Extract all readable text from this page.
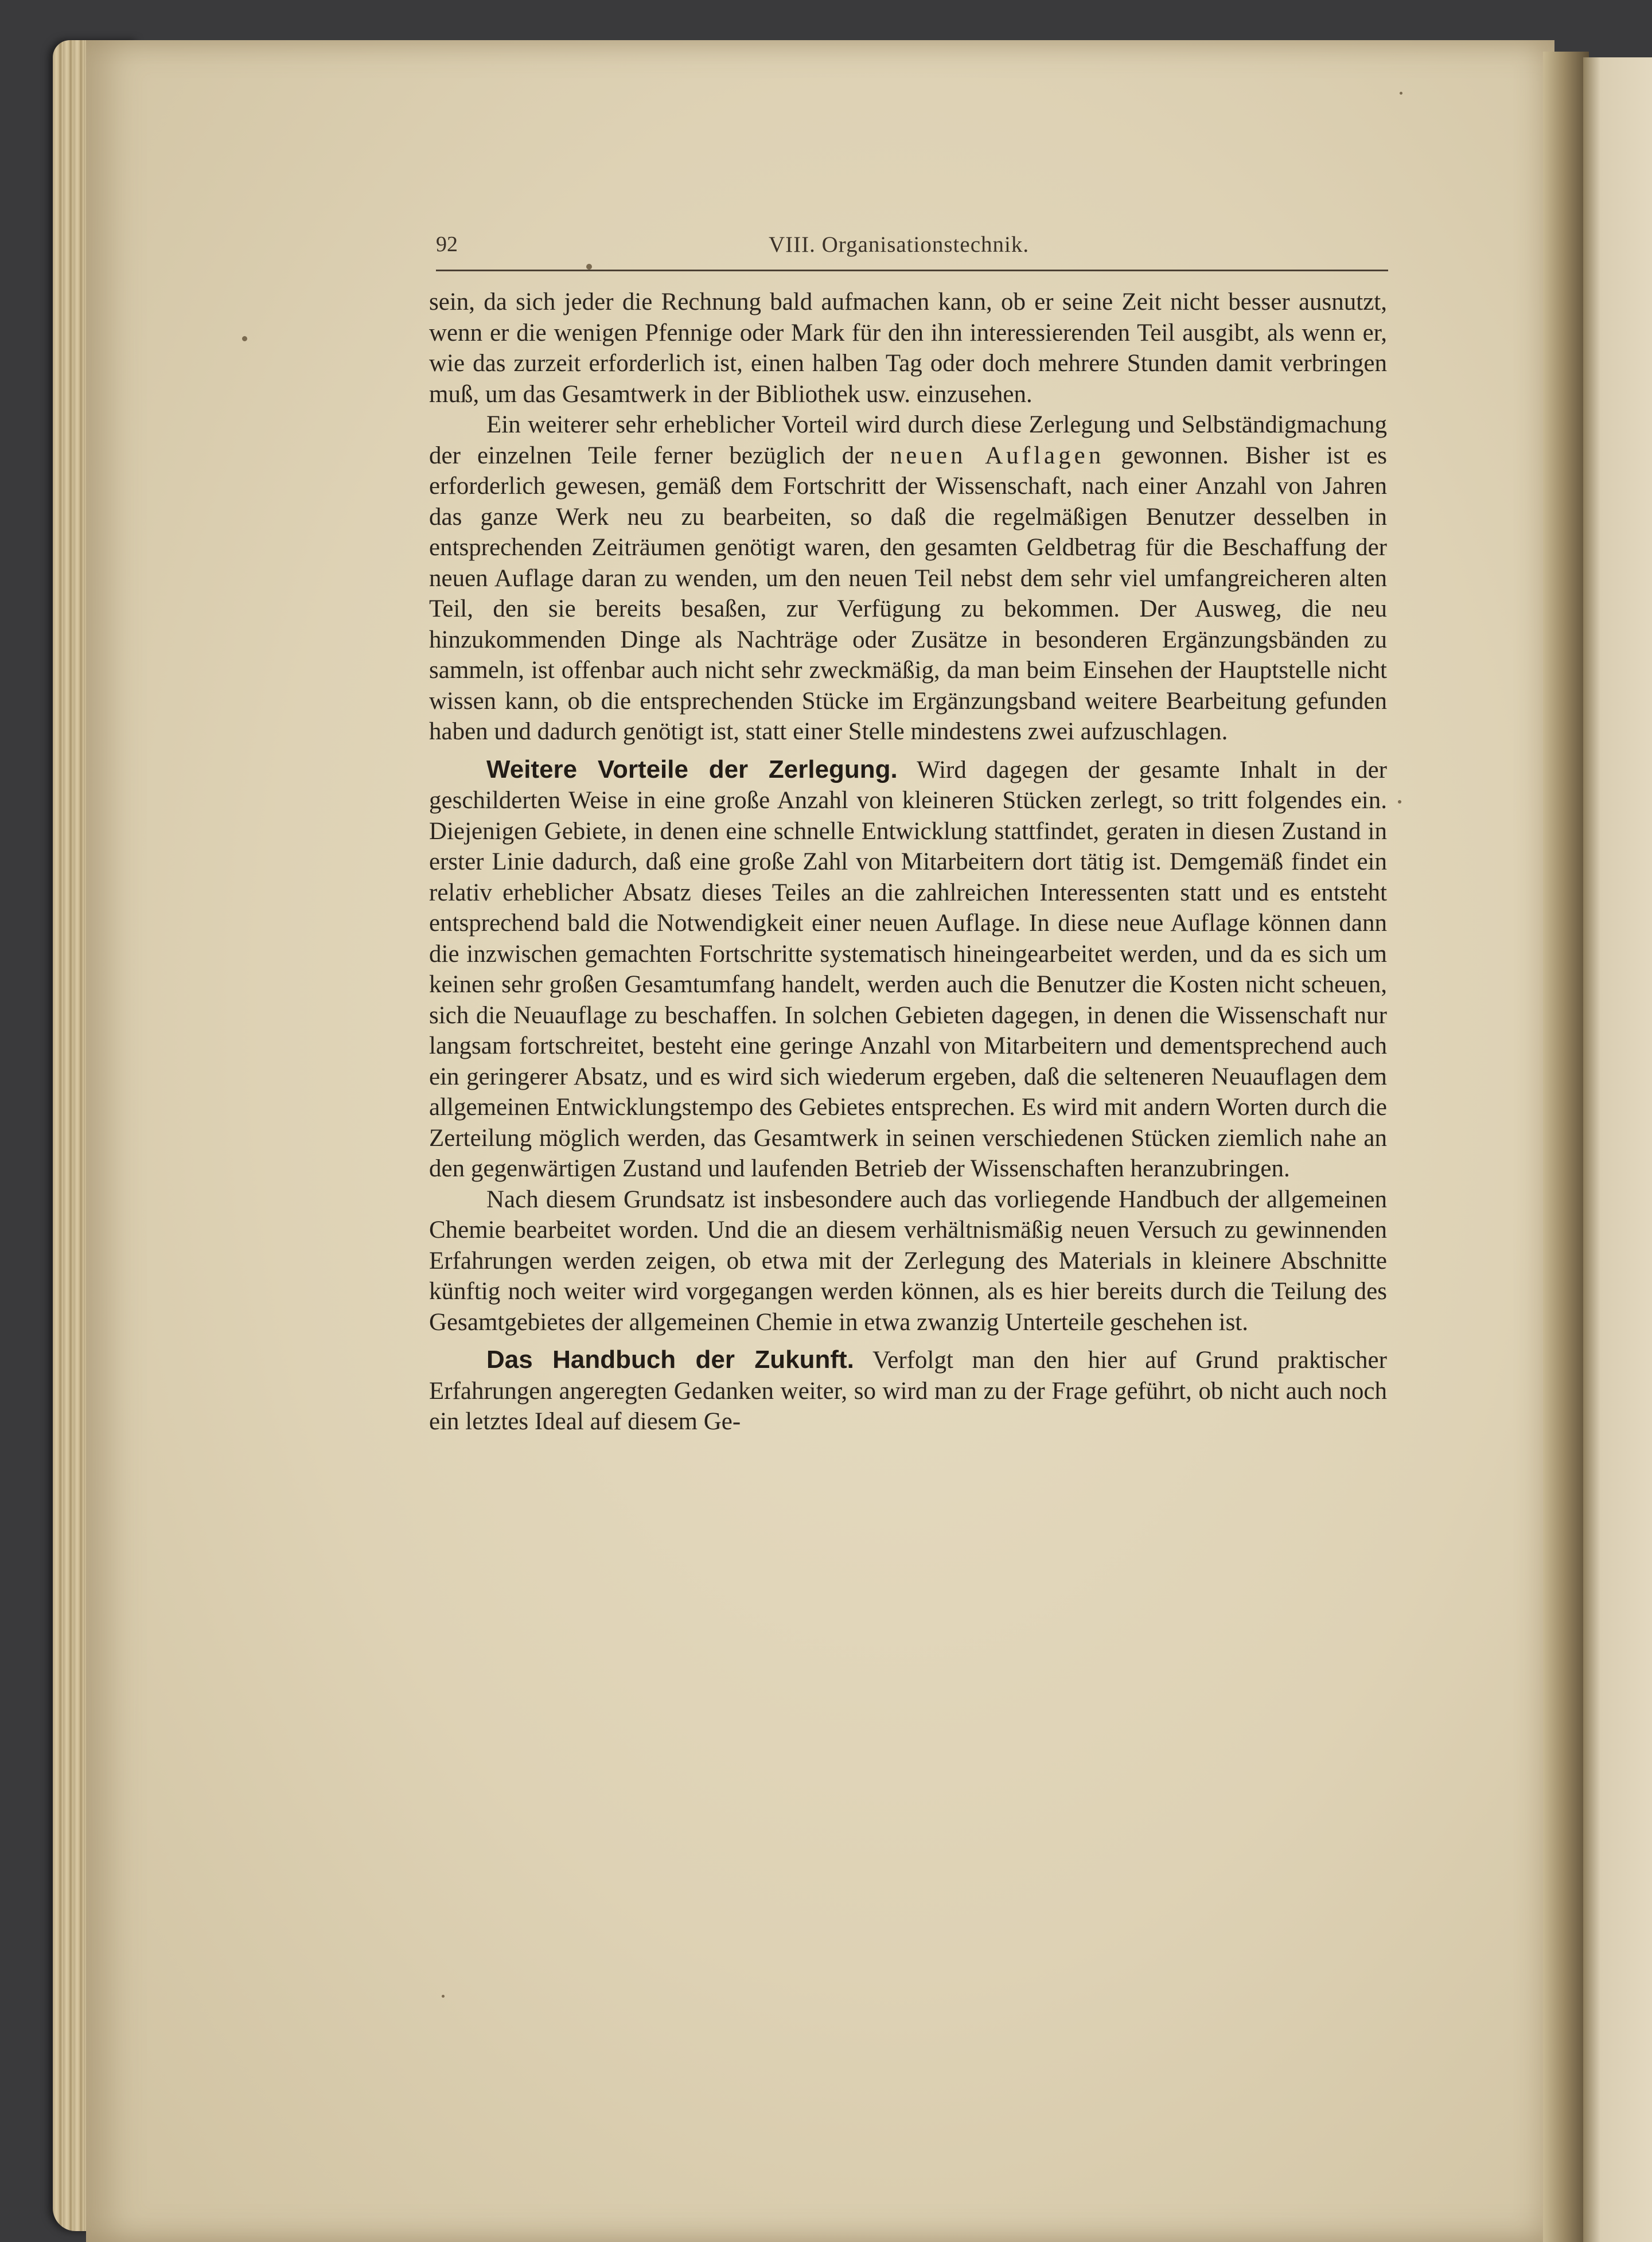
92	VIII. Organisationstechnik.

sein, da sich jeder die Rechnung bald aufmachen kann, ob er seine Zeit nicht besser ausnutzt, wenn er die wenigen Pfennige oder Mark für den ihn interessierenden Teil ausgibt, als wenn er, wie das zurzeit erforderlich ist, einen halben Tag oder doch mehrere Stunden damit verbringen muß, um das Gesamtwerk in der Bibliothek usw. einzusehen.

Ein weiterer sehr erheblicher Vorteil wird durch diese Zerlegung und Selbständigmachung der einzelnen Teile ferner bezüglich der neuen Auflagen gewonnen. Bisher ist es erforderlich gewesen, gemäß dem Fortschritt der Wissenschaft, nach einer Anzahl von Jahren das ganze Werk neu zu bearbeiten, so daß die regelmäßigen Benutzer desselben in entsprechenden Zeiträumen genötigt waren, den gesamten Geldbetrag für die Beschaffung der neuen Auflage daran zu wenden, um den neuen Teil nebst dem sehr viel umfangreicheren alten Teil, den sie bereits besaßen, zur Verfügung zu bekommen. Der Ausweg, die neu hinzukommenden Dinge als Nachträge oder Zusätze in besonderen Ergänzungsbänden zu sammeln, ist offenbar auch nicht sehr zweckmäßig, da man beim Einsehen der Hauptstelle nicht wissen kann, ob die entsprechenden Stücke im Ergänzungsband weitere Bearbeitung gefunden haben und dadurch genötigt ist, statt einer Stelle mindestens zwei aufzuschlagen.

Weitere Vorteile der Zerlegung. Wird dagegen der gesamte Inhalt in der geschilderten Weise in eine große Anzahl von kleineren Stücken zerlegt, so tritt folgendes ein. Diejenigen Gebiete, in denen eine schnelle Entwicklung stattfindet, geraten in diesen Zustand in erster Linie dadurch, daß eine große Zahl von Mitarbeitern dort tätig ist. Demgemäß findet ein relativ erheblicher Absatz dieses Teiles an die zahlreichen Interessenten statt und es entsteht entsprechend bald die Notwendigkeit einer neuen Auflage. In diese neue Auflage können dann die inzwischen gemachten Fortschritte systematisch hineingearbeitet werden, und da es sich um keinen sehr großen Gesamtumfang handelt, werden auch die Benutzer die Kosten nicht scheuen, sich die Neuauflage zu beschaffen. In solchen Gebieten dagegen, in denen die Wissenschaft nur langsam fortschreitet, besteht eine geringe Anzahl von Mitarbeitern und dementsprechend auch ein geringerer Absatz, und es wird sich wiederum ergeben, daß die selteneren Neuauflagen dem allgemeinen Entwicklungstempo des Gebietes entsprechen. Es wird mit andern Worten durch die Zerteilung möglich werden, das Gesamtwerk in seinen verschiedenen Stücken ziemlich nahe an den gegenwärtigen Zustand und laufenden Betrieb der Wissenschaften heranzubringen.

Nach diesem Grundsatz ist insbesondere auch das vorliegende Handbuch der allgemeinen Chemie bearbeitet worden. Und die an diesem verhältnismäßig neuen Versuch zu gewinnenden Erfahrungen werden zeigen, ob etwa mit der Zerlegung des Materials in kleinere Abschnitte künftig noch weiter wird vorgegangen werden können, als es hier bereits durch die Teilung des Gesamtgebietes der allgemeinen Chemie in etwa zwanzig Unterteile geschehen ist.

Das Handbuch der Zukunft. Verfolgt man den hier auf Grund praktischer Erfahrungen angeregten Gedanken weiter, so wird man zu der Frage geführt, ob nicht auch noch ein letztes Ideal auf diesem Ge-
